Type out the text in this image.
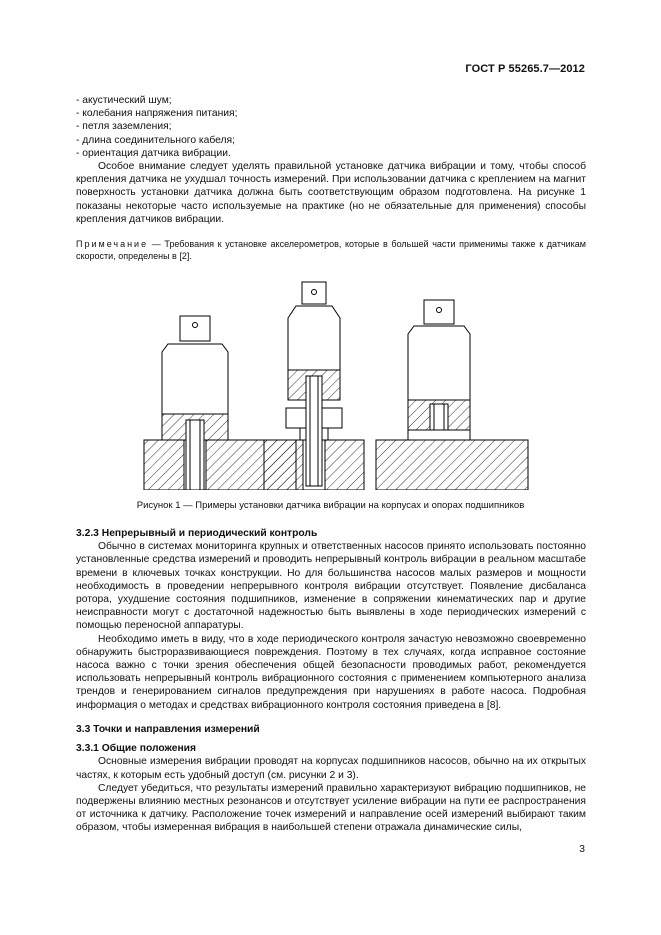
ГОСТ Р 55265.7—2012
- акустический шум;
- колебания напряжения питания;
- петля заземления;
- длина соединительного кабеля;
- ориентация датчика вибрации.

Особое внимание следует уделять правильной установке датчика вибрации и тому, чтобы способ крепления датчика не ухудшал точность измерений. При использовании датчика с креплением на магнит поверхность установки датчика должна быть соответствующим образом подготовлена. На рисунке 1 показаны некоторые часто используемые на практике (но не обязательные для применения) способы крепления датчиков вибрации.

Примечание — Требования к установке акселерометров, которые в большей части применимы также к датчикам скорости, определены в [2].

Рисунок 1 — Примеры установки датчика вибрации на корпусах и опорах подшипников

3.2.3 Непрерывный и периодический контроль

Обычно в системах мониторинга крупных и ответственных насосов принято использовать постоянно установленные средства измерений и проводить непрерывный контроль вибрации в реальном масштабе времени в ключевых точках конструкции. Но для большинства насосов малых размеров и мощности необходимость в проведении непрерывного контроля вибрации отсутствует. Появление дисбаланса ротора, ухудшение состояния подшипников, изменение в сопряжении кинематических пар и другие неисправности могут с достаточной надежностью быть выявлены в ходе периодических измерений с помощью переносной аппаратуры.

Необходимо иметь в виду, что в ходе периодического контроля зачастую невозможно своевременно обнаружить быстроразвивающиеся повреждения. Поэтому в тех случаях, когда исправное состояние насоса важно с точки зрения обеспечения общей безопасности проводимых работ, рекомендуется использовать непрерывный контроль вибрационного состояния с применением компьютерного анализа трендов и генерированием сигналов предупреждения при нарушениях в работе насоса. Подробная информация о методах и средствах вибрационного контроля состояния приведена в [8].

3.3 Точки и направления измерений

3.3.1 Общие положения

Основные измерения вибрации проводят на корпусах подшипников насосов, обычно на их открытых частях, к которым есть удобный доступ (см. рисунки 2 и 3).

Следует убедиться, что результаты измерений правильно характеризуют вибрацию подшипников, не подвержены влиянию местных резонансов и отсутствует усиление вибрации на пути ее распространения от источника к датчику. Расположение точек измерений и направление осей измерений выбирают таким образом, чтобы измеренная вибрация в наибольшей степени отражала динамические силы,

3
